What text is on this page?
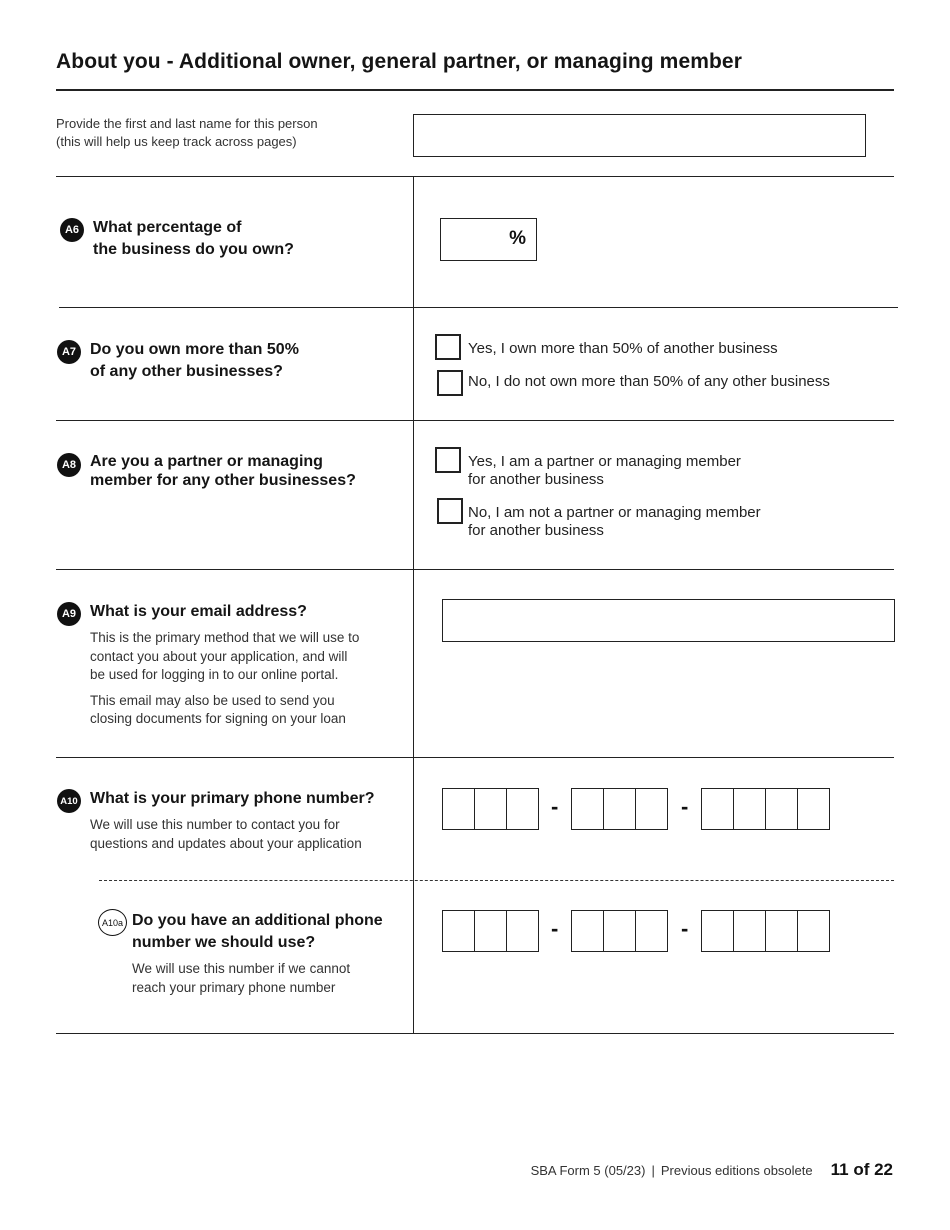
About you - Additional owner, general partner, or managing member
Provide the first and last name for this person
(this will help us keep track across pages)
A6 What percentage of
the business do you own?
%
A7 Do you own more than 50%
of any other businesses?
Yes, I own more than 50% of another business
No, I do not own more than 50% of any other business
A8 Are you a partner or managing
member for any other businesses?
Yes, I am a partner or managing member
for another business
No, I am not a partner or managing member
for another business
A9 What is your email address?
This is the primary method that we will use to
contact you about your application, and will
be used for logging in to our online portal.
This email may also be used to send you
closing documents for signing on your loan
A10 What is your primary phone number?
We will use this number to contact you for
questions and updates about your application
-	-
A10a Do you have an additional phone
number we should use?
We will use this number if we cannot
reach your primary phone number
-	-
SBA Form 5 (05/23) | Previous editions obsolete 11 of 22
